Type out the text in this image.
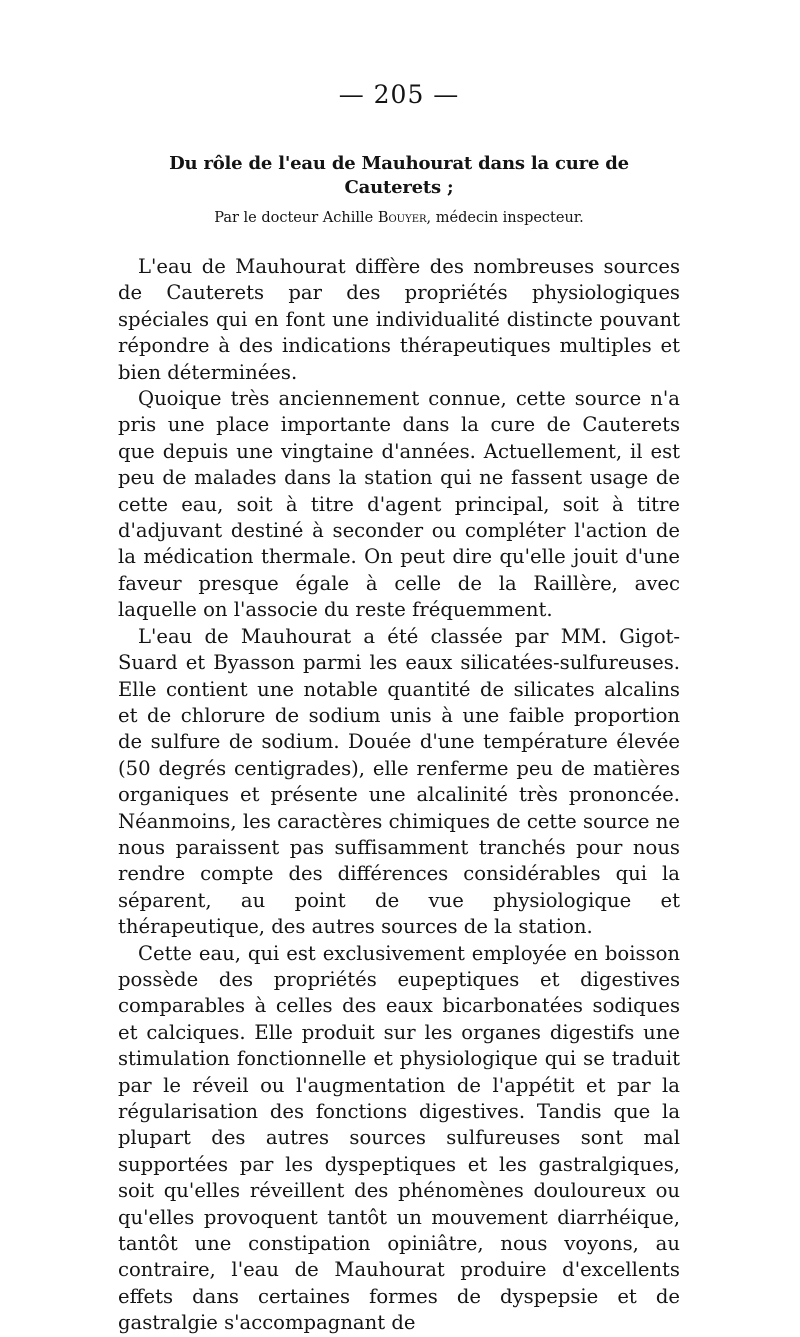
— 205 —
Du rôle de l'eau de Mauhourat dans la cure de Cauterets ;
Par le docteur Achille Bouyer, médecin inspecteur.

L'eau de Mauhourat diffère des nombreuses sources de Cauterets par des propriétés physiologiques spéciales qui en font une individualité distincte pouvant répondre à des indications thérapeutiques multiples et bien déterminées.

Quoique très anciennement connue, cette source n'a pris une place importante dans la cure de Cauterets que depuis une vingtaine d'années. Actuellement, il est peu de malades dans la station qui ne fassent usage de cette eau, soit à titre d'agent principal, soit à titre d'adjuvant destiné à seconder ou compléter l'action de la médication thermale. On peut dire qu'elle jouit d'une faveur presque égale à celle de la Raillère, avec laquelle on l'associe du reste fréquemment.

L'eau de Mauhourat a été classée par MM. Gigot-Suard et Byasson parmi les eaux silicatées-sulfureuses. Elle contient une notable quantité de silicates alcalins et de chlorure de sodium unis à une faible proportion de sulfure de sodium. Douée d'une température élevée (50 degrés centigrades), elle renferme peu de matières organiques et présente une alcalinité très prononcée. Néanmoins, les caractères chimiques de cette source ne nous paraissent pas suffisamment tranchés pour nous rendre compte des différences considérables qui la séparent, au point de vue physiologique et thérapeutique, des autres sources de la station.

Cette eau, qui est exclusivement employée en boisson possède des propriétés eupeptiques et digestives comparables à celles des eaux bicarbonatées sodiques et calciques. Elle produit sur les organes digestifs une stimulation fonctionnelle et physiologique qui se traduit par le réveil ou l'augmentation de l'appétit et par la régularisation des fonctions digestives. Tandis que la plupart des autres sources sulfureuses sont mal supportées par les dyspeptiques et les gastralgiques, soit qu'elles réveillent des phénomènes douloureux ou qu'elles provoquent tantôt un mouvement diarrhéique, tantôt une constipation opiniâtre, nous voyons, au contraire, l'eau de Mauhourat produire d'excellents effets dans certaines formes de dyspepsie et de gastralgie s'accompagnant de
